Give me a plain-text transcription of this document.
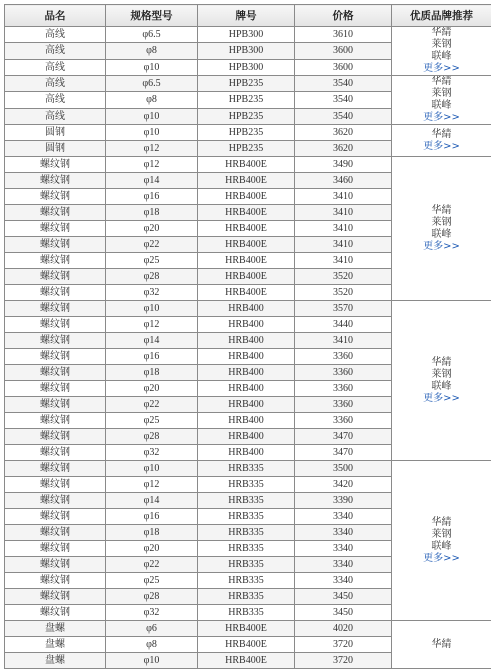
品名	规格型号	牌号	价格	优质品牌推荐
高线	φ6.5	HPB300	3610	华綪
莱钢
联峰
更多>>

高线	φ8	HPB300	3600	
高线	φ10	HPB300	3600	
高线	φ6.5	HPB235	3540	华綪
莱钢
联峰
更多>>

高线	φ8	HPB235	3540	
高线	φ10	HPB235	3540	
圆钢	φ10	HPB235	3620	华綪
更多>>

圆钢	φ12	HPB235	3620	
螺纹钢	φ12	HRB400E	3490	华綪
莱钢
联峰
更多>>

螺纹钢	φ14	HRB400E	3460	
螺纹钢	φ16	HRB400E	3410	
螺纹钢	φ18	HRB400E	3410	
螺纹钢	φ20	HRB400E	3410	
螺纹钢	φ22	HRB400E	3410	
螺纹钢	φ25	HRB400E	3410	
螺纹钢	φ28	HRB400E	3520	
螺纹钢	φ32	HRB400E	3520	
螺纹钢	φ10	HRB400	3570	华綪
莱钢
联峰
更多>>

螺纹钢	φ12	HRB400	3440	
螺纹钢	φ14	HRB400	3410	
螺纹钢	φ16	HRB400	3360	
螺纹钢	φ18	HRB400	3360	
螺纹钢	φ20	HRB400	3360	
螺纹钢	φ22	HRB400	3360	
螺纹钢	φ25	HRB400	3360	
螺纹钢	φ28	HRB400	3470	
螺纹钢	φ32	HRB400	3470	
螺纹钢	φ10	HRB335	3500	华綪
莱钢
联峰
更多>>

螺纹钢	φ12	HRB335	3420	
螺纹钢	φ14	HRB335	3390	
螺纹钢	φ16	HRB335	3340	
螺纹钢	φ18	HRB335	3340	
螺纹钢	φ20	HRB335	3340	
螺纹钢	φ22	HRB335	3340	
螺纹钢	φ25	HRB335	3340	
螺纹钢	φ28	HRB335	3450	
螺纹钢	φ32	HRB335	3450	
盘螺	φ6	HRB400E	4020	华綪

盘螺	φ8	HRB400E	3720	
盘螺	φ10	HRB400E	3720	
